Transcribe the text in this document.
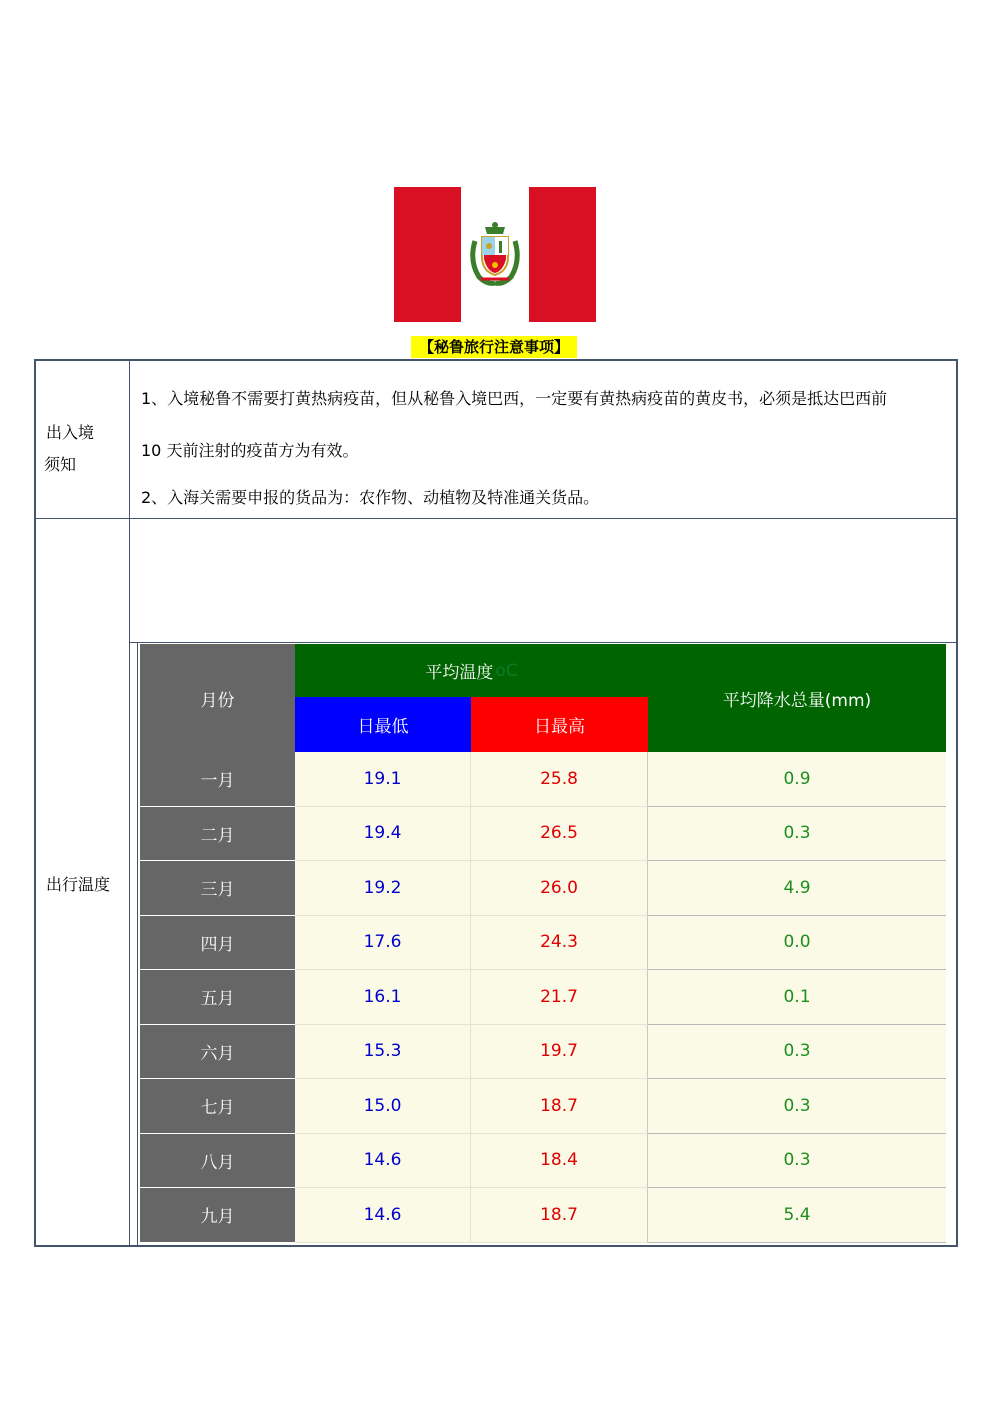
【秘鲁旅行注意事项】
出入境
须知
1、入境秘鲁不需要打黄热病疫苗，但从秘鲁入境巴西，一定要有黄热病疫苗的黄皮书，必须是抵达巴西前
10 天前注射的疫苗方为有效。
2、入海关需要申报的货品为：农作物、动植物及特准通关货品。
出行温度
月份
平均温度 oC
日最低	日最高
平均降水总量(mm)
一月	19.1	25.8	0.9
二月	19.4	26.5	0.3
三月	19.2	26.0	4.9
四月	17.6	24.3	0.0
五月	16.1	21.7	0.1
六月	15.3	19.7	0.3
七月	15.0	18.7	0.3
八月	14.6	18.4	0.3
九月	14.6	18.7	5.4
